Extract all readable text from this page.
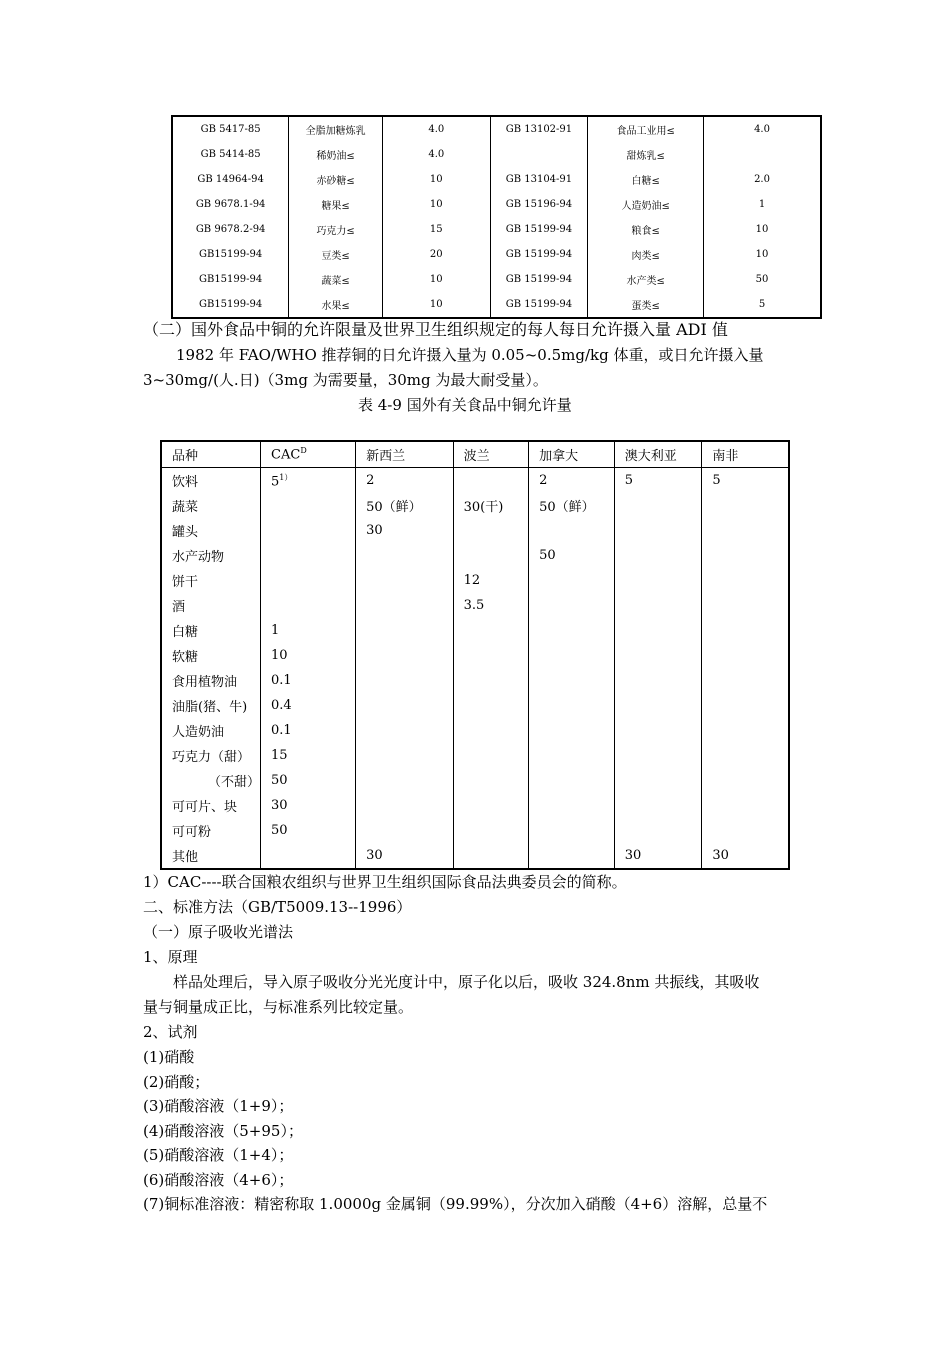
GB 5417-85	全脂加糖炼乳	4.0	GB 13102-91	食品工业用≤	4.0
GB 5414-85	稀奶油≤	4.0		甜炼乳≤	
GB 14964-94	赤砂糖≤	10	GB 13104-91	白糖≤	2.0
GB 9678.1-94	糖果≤	10	GB 15196-94	人造奶油≤	1
GB 9678.2-94	巧克力≤	15	GB 15199-94	粮食≤	10
GB15199-94	豆类≤	20	GB 15199-94	肉类≤	10
GB15199-94	蔬菜≤	10	GB 15199-94	水产类≤	50
GB15199-94	水果≤	10	GB 15199-94	蛋类≤	5
（二）国外食品中铜的允许限量及世界卫生组织规定的每人每日允许摄入量 ADI 值
1982 年 FAO/WHO 推荐铜的日允许摄入量为 0.05~0.5mg/kg 体重，或日允许摄入量
3~30mg/(人.日)（3mg 为需要量，30mg 为最大耐受量）。
表 4-9 国外有关食品中铜允许量
品种	$CAC^D$	新西兰	波兰	加拿大	澳大利亚	南非
饮料	$5^{1)}$	2		2	5	5
蔬菜		50（鲜）	30(干)	50（鲜）		
罐头		30				
水产动物				50		
饼干			12			
酒			3.5			
白糖	1					
软糖	10					
食用植物油	0.1					
油脂(猪、牛)	0.4					
人造奶油	0.1					
巧克力（甜）	15					
（不甜）	50					
可可片、块	30					
可可粉	50					
其他		30			30	30
1）CAC----联合国粮农组织与世界卫生组织国际食品法典委员会的简称。
二、标准方法（GB/T5009.13--1996）
（一）原子吸收光谱法
1、原理
样品处理后，导入原子吸收分光光度计中，原子化以后，吸收 324.8nm 共振线，其吸收
量与铜量成正比，与标准系列比较定量。
2、试剂
(1)硝酸
(2)硝酸；
(3)硝酸溶液（1+9）；
(4)硝酸溶液（5+95）；
(5)硝酸溶液（1+4）；
(6)硝酸溶液（4+6）；
(7)铜标准溶液：精密称取 1.0000g 金属铜（99.99%），分次加入硝酸（4+6）溶解，总量不
